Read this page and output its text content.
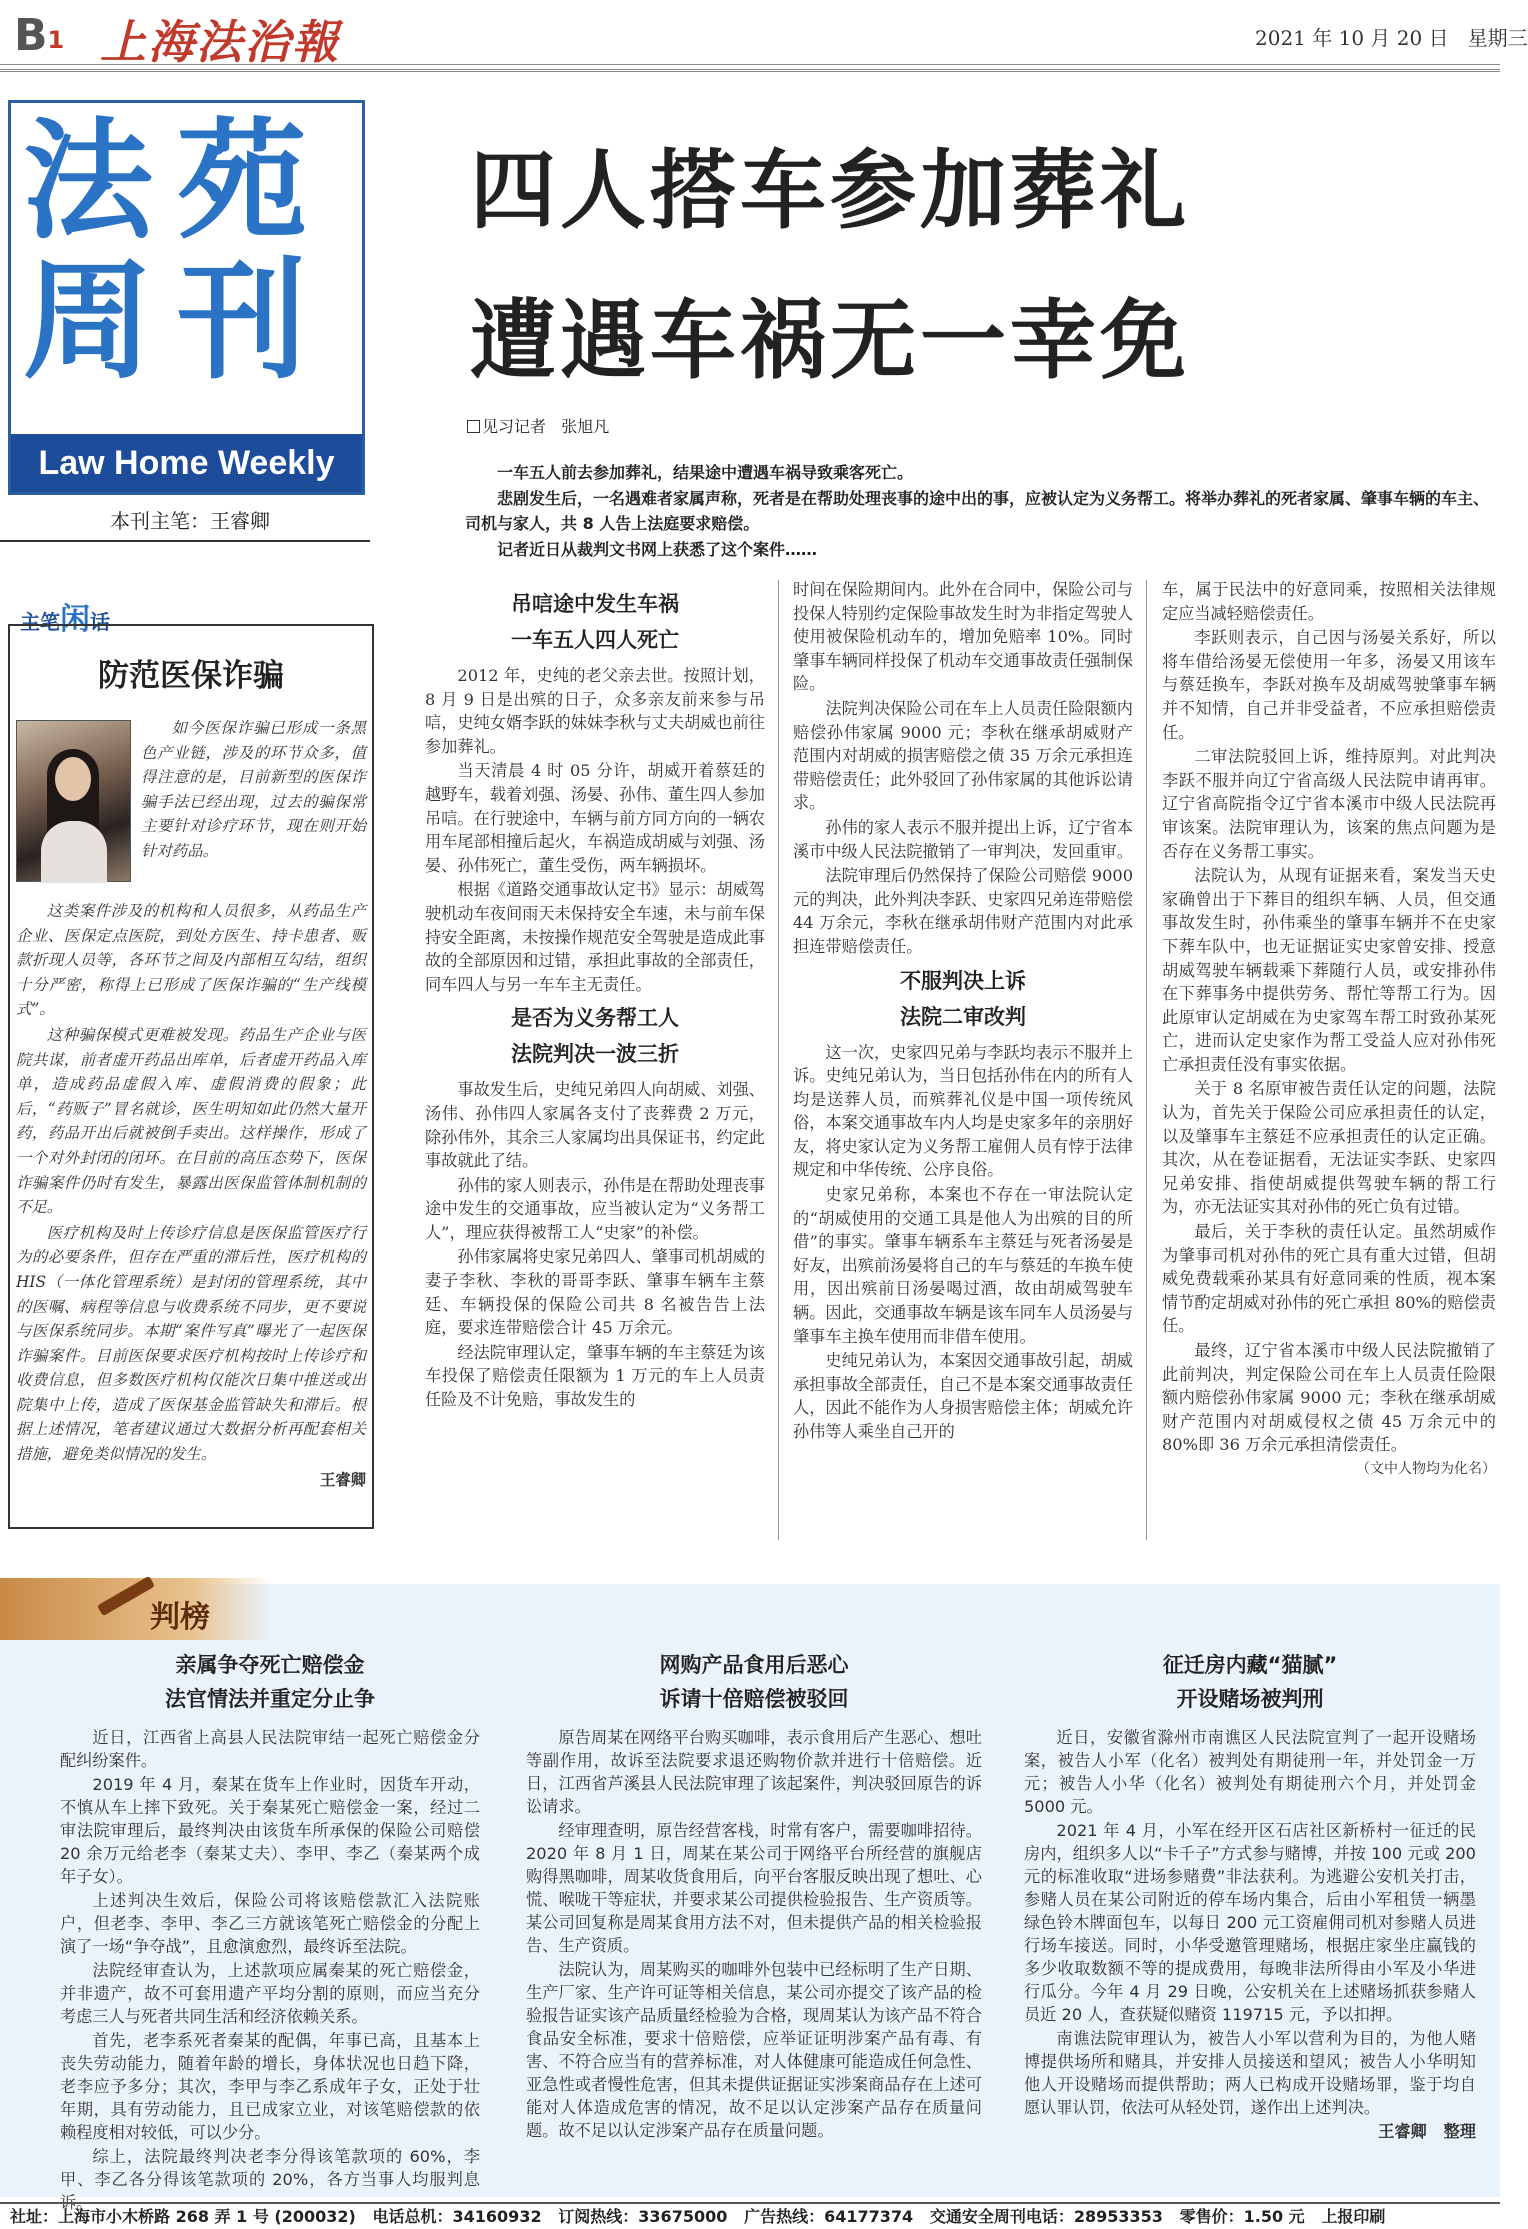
B1 上海法治報	2021 年 10 月 20 日   星期三
法苑
周刊
Law Home Weekly
本刊主笔：王睿卿
四人搭车参加葬礼
遭遇车祸无一幸免
见习记者   张旭凡

一车五人前去参加葬礼，结果途中遭遇车祸导致乘客死亡。

悲剧发生后，一名遇难者家属声称，死者是在帮助处理丧事的途中出的事，应被认定为义务帮工。将举办葬礼的死者家属、肇事车辆的车主、司机与家人，共 8 人告上法庭要求赔偿。

记者近日从裁判文书网上获悉了这个案件……

吊唁途中发生车祸
一车五人四人死亡

2012 年，史纯的老父亲去世。按照计划，8 月 9 日是出殡的日子，众多亲友前来参与吊唁，史纯女婿李跃的妹妹李秋与丈夫胡威也前往参加葬礼。

当天清晨 4 时 05 分许，胡威开着蔡廷的越野车，载着刘强、汤晏、孙伟、董生四人参加吊唁。在行驶途中，车辆与前方同方向的一辆农用车尾部相撞后起火，车祸造成胡威与刘强、汤晏、孙伟死亡，董生受伤，两车辆损坏。

根据《道路交通事故认定书》显示：胡威驾驶机动车夜间雨天未保持安全车速，未与前车保持安全距离，未按操作规范安全驾驶是造成此事故的全部原因和过错，承担此事故的全部责任，同车四人与另一车车主无责任。

是否为义务帮工人
法院判决一波三折

事故发生后，史纯兄弟四人向胡威、刘强、汤伟、孙伟四人家属各支付了丧葬费 2 万元，除孙伟外，其余三人家属均出具保证书，约定此事故就此了结。

孙伟的家人则表示，孙伟是在帮助处理丧事途中发生的交通事故，应当被认定为“义务帮工人”，理应获得被帮工人“史家”的补偿。

孙伟家属将史家兄弟四人、肇事司机胡威的妻子李秋、李秋的哥哥李跃、肇事车辆车主蔡廷、车辆投保的保险公司共 8 名被告告上法庭，要求连带赔偿合计 45 万余元。

经法院审理认定，肇事车辆的车主蔡廷为该车投保了赔偿责任限额为 1 万元的车上人员责任险及不计免赔，事故发生的

时间在保险期间内。此外在合同中，保险公司与投保人特别约定保险事故发生时为非指定驾驶人使用被保险机动车的，增加免赔率 10%。同时肇事车辆同样投保了机动车交通事故责任强制保险。

法院判决保险公司在车上人员责任险限额内赔偿孙伟家属 9000 元；李秋在继承胡威财产范围内对胡威的损害赔偿之债 35 万余元承担连带赔偿责任；此外驳回了孙伟家属的其他诉讼请求。

孙伟的家人表示不服并提出上诉，辽宁省本溪市中级人民法院撤销了一审判决，发回重审。

法院审理后仍然保持了保险公司赔偿 9000 元的判决，此外判决李跃、史家四兄弟连带赔偿 44 万余元，李秋在继承胡伟财产范围内对此承担连带赔偿责任。

不服判决上诉
法院二审改判

这一次，史家四兄弟与李跃均表示不服并上诉。史纯兄弟认为，当日包括孙伟在内的所有人均是送葬人员，而殡葬礼仪是中国一项传统风俗，本案交通事故车内人均是史家多年的亲朋好友，将史家认定为义务帮工雇佣人员有悖于法律规定和中华传统、公序良俗。

史家兄弟称，本案也不存在一审法院认定的“胡威使用的交通工具是他人为出殡的目的所借”的事实。肇事车辆系车主蔡廷与死者汤晏是好友，出殡前汤晏将自己的车与蔡廷的车换车使用，因出殡前日汤晏喝过酒，故由胡威驾驶车辆。因此，交通事故车辆是该车同车人员汤晏与肇事车主换车使用而非借车使用。

史纯兄弟认为，本案因交通事故引起，胡威承担事故全部责任，自己不是本案交通事故责任人，因此不能作为人身损害赔偿主体；胡威允许孙伟等人乘坐自己开的

车，属于民法中的好意同乘，按照相关法律规定应当减轻赔偿责任。

李跃则表示，自己因与汤晏关系好，所以将车借给汤晏无偿使用一年多，汤晏又用该车与蔡廷换车，李跃对换车及胡威驾驶肇事车辆并不知情，自己并非受益者，不应承担赔偿责任。

二审法院驳回上诉，维持原判。对此判决李跃不服并向辽宁省高级人民法院申请再审。辽宁省高院指令辽宁省本溪市中级人民法院再审该案。法院审理认为，该案的焦点问题为是否存在义务帮工事实。

法院认为，从现有证据来看，案发当天史家确曾出于下葬目的组织车辆、人员，但交通事故发生时，孙伟乘坐的肇事车辆并不在史家下葬车队中，也无证据证实史家曾安排、授意胡威驾驶车辆载乘下葬随行人员，或安排孙伟在下葬事务中提供劳务、帮忙等帮工行为。因此原审认定胡威在为史家驾车帮工时致孙某死亡，进而认定史家作为帮工受益人应对孙伟死亡承担责任没有事实依据。

关于 8 名原审被告责任认定的问题，法院认为，首先关于保险公司应承担责任的认定，以及肇事车主蔡廷不应承担责任的认定正确。其次，从在卷证据看，无法证实李跃、史家四兄弟安排、指使胡威提供驾驶车辆的帮工行为，亦无法证实其对孙伟的死亡负有过错。

最后，关于李秋的责任认定。虽然胡威作为肇事司机对孙伟的死亡具有重大过错，但胡威免费载乘孙某具有好意同乘的性质，视本案情节酌定胡威对孙伟的死亡承担 80%的赔偿责任。

最终，辽宁省本溪市中级人民法院撤销了此前判决，判定保险公司在车上人员责任险限额内赔偿孙伟家属 9000 元；李秋在继承胡威财产范围内对胡威侵权之债 45 万余元中的 80%即 36 万余元承担清偿责任。

（文中人物均为化名）
主笔闲话
防范医保诈骗

如今医保诈骗已形成一条黑色产业链，涉及的环节众多，值得注意的是，目前新型的医保诈骗手法已经出现，过去的骗保常主要针对诊疗环节，现在则开始针对药品。

这类案件涉及的机构和人员很多，从药品生产企业、医保定点医院，到处方医生、持卡患者、贩款折现人员等，各环节之间及内部相互勾结，组织十分严密，称得上已形成了医保诈骗的“生产线模式”。

这种骗保模式更难被发现。药品生产企业与医院共谋，前者虚开药品出库单，后者虚开药品入库单，造成药品虚假入库、虚假消费的假象；此后，“药贩子”冒名就诊，医生明知如此仍然大量开药，药品开出后就被倒手卖出。这样操作，形成了一个对外封闭的闭环。在目前的高压态势下，医保诈骗案件仍时有发生，暴露出医保监管体制机制的不足。

医疗机构及时上传诊疗信息是医保监管医疗行为的必要条件，但存在严重的滞后性，医疗机构的 HIS（一体化管理系统）是封闭的管理系统，其中的医嘱、病程等信息与收费系统不同步，更不要说与医保系统同步。本期“案件写真”曝光了一起医保诈骗案件。目前医保要求医疗机构按时上传诊疗和收费信息，但多数医疗机构仅能次日集中推送或出院集中上传，造成了医保基金监管缺失和滞后。根据上述情况，笔者建议通过大数据分析再配套相关措施，避免类似情况的发生。

王睿卿
判榜
亲属争夺死亡赔偿金
法官情法并重定分止争

近日，江西省上高县人民法院审结一起死亡赔偿金分配纠纷案件。

2019 年 4 月，秦某在货车上作业时，因货车开动，不慎从车上摔下致死。关于秦某死亡赔偿金一案，经过二审法院审理后，最终判决由该货车所承保的保险公司赔偿 20 余万元给老李（秦某丈夫）、李甲、李乙（秦某两个成年子女）。

上述判决生效后，保险公司将该赔偿款汇入法院账户，但老李、李甲、李乙三方就该笔死亡赔偿金的分配上演了一场“争夺战”，且愈演愈烈，最终诉至法院。

法院经审查认为，上述款项应属秦某的死亡赔偿金，并非遗产，故不可套用遗产平均分割的原则，而应当充分考虑三人与死者共同生活和经济依赖关系。

首先，老李系死者秦某的配偶，年事已高，且基本上丧失劳动能力，随着年龄的增长，身体状况也日趋下降，老李应予多分；其次，李甲与李乙系成年子女，正处于壮年期，具有劳动能力，且已成家立业，对该笔赔偿款的依赖程度相对较低，可以少分。

综上，法院最终判决老李分得该笔款项的 60%，李甲、李乙各分得该笔款项的 20%，各方当事人均服判息诉。

网购产品食用后恶心
诉请十倍赔偿被驳回

原告周某在网络平台购买咖啡，表示食用后产生恶心、想吐等副作用，故诉至法院要求退还购物价款并进行十倍赔偿。近日，江西省芦溪县人民法院审理了该起案件，判决驳回原告的诉讼请求。

经审理查明，原告经营客栈，时常有客户，需要咖啡招待。2020 年 8 月 1 日，周某在某公司于网络平台所经营的旗舰店购得黑咖啡，周某收货食用后，向平台客服反映出现了想吐、心慌、喉咙干等症状，并要求某公司提供检验报告、生产资质等。某公司回复称是周某食用方法不对，但未提供产品的相关检验报告、生产资质。

法院认为，周某购买的咖啡外包装中已经标明了生产日期、生产厂家、生产许可证等相关信息，某公司亦提交了该产品的检验报告证实该产品质量经检验为合格，现周某认为该产品不符合食品安全标准，要求十倍赔偿，应举证证明涉案产品有毒、有害、不符合应当有的营养标准，对人体健康可能造成任何急性、亚急性或者慢性危害，但其未提供证据证实涉案商品存在上述可能对人体造成危害的情况，故不足以认定涉案产品存在质量问题。故不足以认定涉案产品存在质量问题。

征迁房内藏“猫腻”
开设赌场被判刑

近日，安徽省滁州市南谯区人民法院宣判了一起开设赌场案，被告人小军（化名）被判处有期徒刑一年，并处罚金一万元；被告人小华（化名）被判处有期徒刑六个月，并处罚金 5000 元。

2021 年 4 月，小军在经开区石店社区新桥村一征迁的民房内，组织多人以“卡千子”方式参与赌博，并按 100 元或 200 元的标准收取“进场参赌费”非法获利。为逃避公安机关打击，参赌人员在某公司附近的停车场内集合，后由小军租赁一辆墨绿色铃木牌面包车，以每日 200 元工资雇佣司机对参赌人员进行场车接送。同时，小华受邀管理赌场，根据庄家坐庄赢钱的多少收取数额不等的提成费用，每晚非法所得由小军及小华进行瓜分。今年 4 月 29 日晚，公安机关在上述赌场抓获参赌人员近 20 人，查获疑似赌资 119715 元，予以扣押。

南谯法院审理认为，被告人小军以营利为目的，为他人赌博提供场所和赌具，并安排人员接送和望风；被告人小华明知他人开设赌场而提供帮助；两人已构成开设赌场罪，鉴于均自愿认罪认罚，依法可从轻处罚，遂作出上述判决。

王睿卿   整理
社址：上海市小木桥路 268 弄 1 号 (200032)   电话总机：34160932   订阅热线：33675000   广告热线：64177374   交通安全周刊电话：28953353   零售价：1.50 元   上报印刷
